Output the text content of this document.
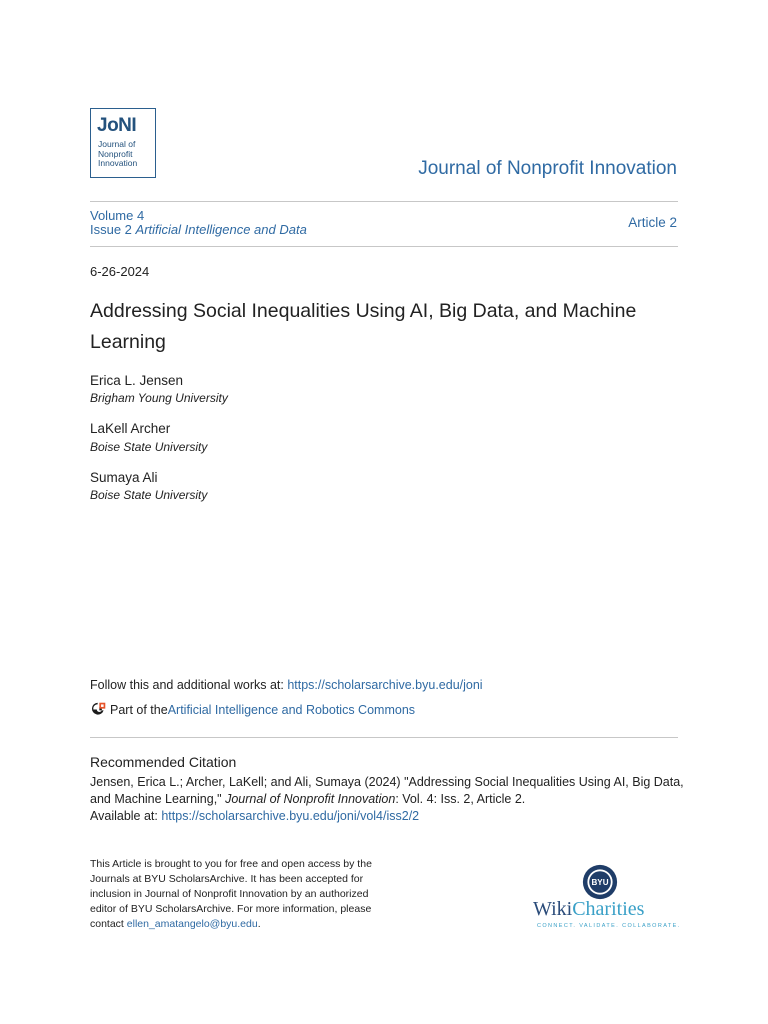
JoNI
Journal of
Nonprofit
Innovation	Journal of Nonprofit Innovation
Volume 4
Issue 2 Artificial Intelligence and Data	Article 2
6-26-2024
Addressing Social Inequalities Using AI, Big Data, and Machine Learning
Erica L. Jensen
Brigham Young University
LaKell Archer
Boise State University
Sumaya Ali
Boise State University
Follow this and additional works at: https://scholarsarchive.byu.edu/joni
Part of the Artificial Intelligence and Robotics Commons
Recommended Citation
Jensen, Erica L.; Archer, LaKell; and Ali, Sumaya (2024) "Addressing Social Inequalities Using AI, Big Data, and Machine Learning," Journal of Nonprofit Innovation: Vol. 4: Iss. 2, Article 2.
Available at: https://scholarsarchive.byu.edu/joni/vol4/iss2/2
This Article is brought to you for free and open access by the Journals at BYU ScholarsArchive. It has been accepted for inclusion in Journal of Nonprofit Innovation by an authorized editor of BYU ScholarsArchive. For more information, please contact ellen_amatangelo@byu.edu.
BYU
WikiCharities
CONNECT. VALIDATE. COLLABORATE.
